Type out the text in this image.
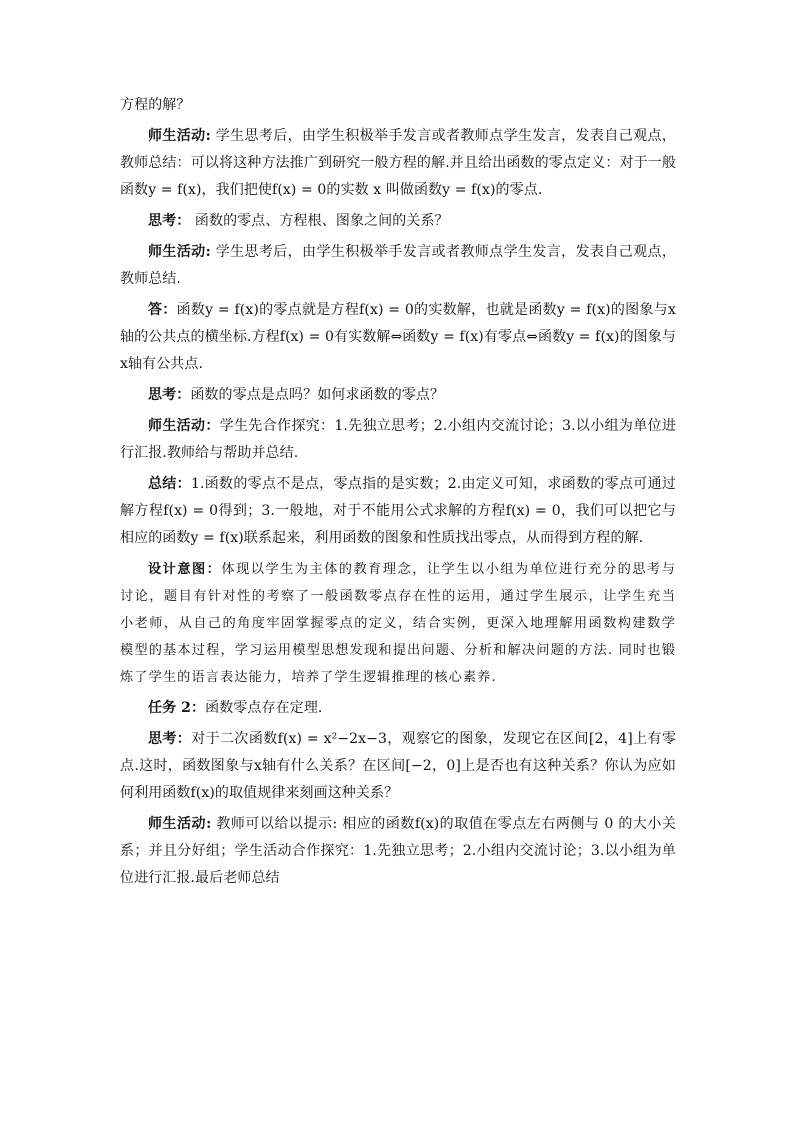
方程的解？

师生活动: 学生思考后，由学生积极举手发言或者教师点学生发言，发表自己观点，教师总结：可以将这种方法推广到研究一般方程的解.并且给出函数的零点定义：对于一般函数y = f(x)，我们把使f(x) = 0的实数 x 叫做函数y = f(x)的零点.

思考： 函数的零点、方程根、图象之间的关系？

师生活动: 学生思考后，由学生积极举手发言或者教师点学生发言，发表自己观点，教师总结.

答：函数y = f(x)的零点就是方程f(x) = 0的实数解，也就是函数y = f(x)的图象与x轴的公共点的横坐标.方程f(x) = 0有实数解⇔函数y = f(x)有零点⇔函数y = f(x)的图象与x轴有公共点.

思考：函数的零点是点吗？如何求函数的零点？

师生活动：学生先合作探究：1.先独立思考；2.小组内交流讨论；3.以小组为单位进行汇报.教师给与帮助并总结.

总结：1.函数的零点不是点，零点指的是实数；2.由定义可知，求函数的零点可通过解方程f(x) = 0得到；3.一般地，对于不能用公式求解的方程f(x) = 0，我们可以把它与相应的函数y = f(x)联系起来，利用函数的图象和性质找出零点，从而得到方程的解.

设计意图：体现以学生为主体的教育理念，让学生以小组为单位进行充分的思考与讨论，题目有针对性的考察了一般函数零点存在性的运用，通过学生展示，让学生充当小老师，从自己的角度牢固掌握零点的定义，结合实例，更深入地理解用函数构建数学模型的基本过程，学习运用模型思想发现和提出问题、分析和解决问题的方法. 同时也锻炼了学生的语言表达能力，培养了学生逻辑推理的核心素养.

任务 2：函数零点存在定理.

思考：对于二次函数f(x) = x²−2x−3，观察它的图象，发现它在区间[2，4]上有零点.这时，函数图象与x轴有什么关系？在区间[−2，0]上是否也有这种关系？你认为应如何利用函数f(x)的取值规律来刻画这种关系？

师生活动: 教师可以给以提示: 相应的函数f(x)的取值在零点左右两侧与 0 的大小关系；并且分好组；学生活动合作探究：1.先独立思考；2.小组内交流讨论；3.以小组为单位进行汇报.最后老师总结
